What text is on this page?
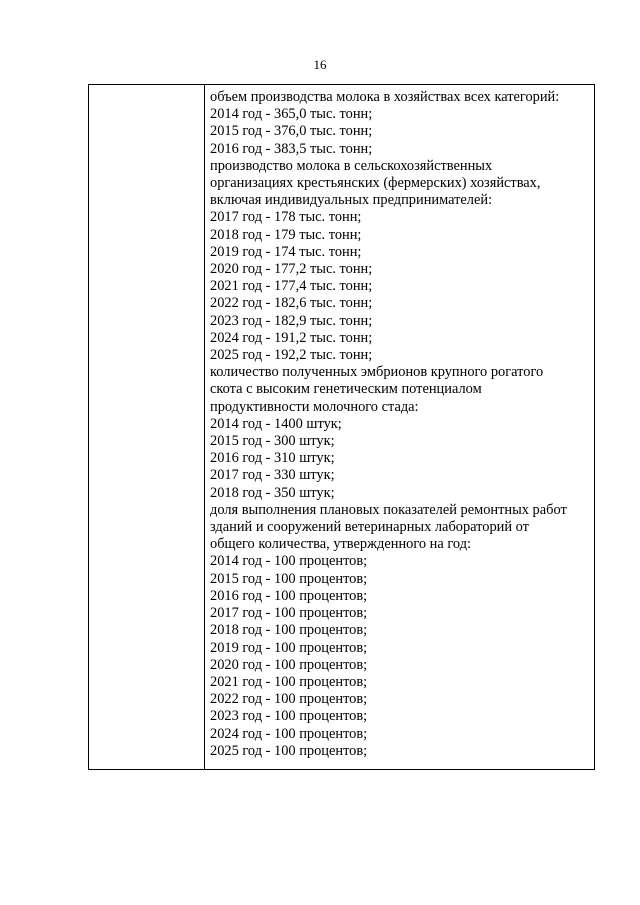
16

объем производства молока в хозяйствах всех категорий:
2014 год - 365,0 тыс. тонн;
2015 год - 376,0 тыс. тонн;
2016 год - 383,5 тыс. тонн;
производство молока в сельскохозяйственных
организациях крестьянских (фермерских) хозяйствах,
включая индивидуальных предпринимателей:
2017 год - 178 тыс. тонн;
2018 год - 179 тыс. тонн;
2019 год - 174 тыс. тонн;
2020 год - 177,2 тыс. тонн;
2021 год - 177,4 тыс. тонн;
2022 год - 182,6 тыс. тонн;
2023 год - 182,9 тыс. тонн;
2024 год - 191,2 тыс. тонн;
2025 год - 192,2 тыс. тонн;
количество полученных эмбрионов крупного рогатого
скота с высоким генетическим потенциалом
продуктивности молочного стада:
2014 год - 1400 штук;
2015 год - 300 штук;
2016 год - 310 штук;
2017 год - 330 штук;
2018 год - 350 штук;
доля выполнения плановых показателей ремонтных работ
зданий и сооружений ветеринарных лабораторий от
общего количества, утвержденного на год:
2014 год - 100 процентов;
2015 год - 100 процентов;
2016 год - 100 процентов;
2017 год - 100 процентов;
2018 год - 100 процентов;
2019 год - 100 процентов;
2020 год - 100 процентов;
2021 год - 100 процентов;
2022 год - 100 процентов;
2023 год - 100 процентов;
2024 год - 100 процентов;
2025 год - 100 процентов;
